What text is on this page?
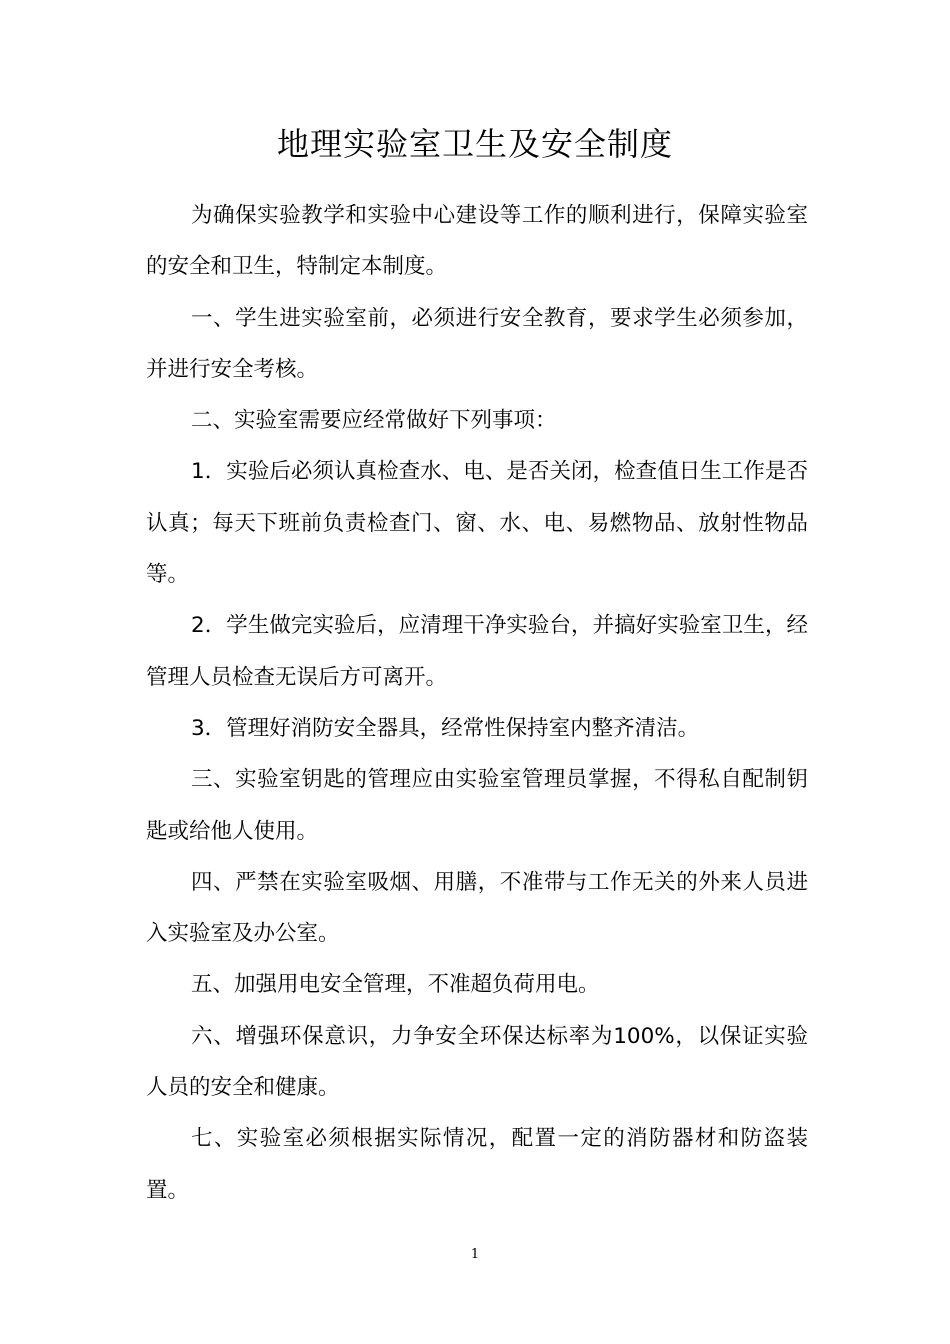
地理实验室卫生及安全制度

为确保实验教学和实验中心建设等工作的顺利进行，保障实验室的安全和卫生，特制定本制度。

一、学生进实验室前，必须进行安全教育，要求学生必须参加，并进行安全考核。

二、实验室需要应经常做好下列事项：

1．实验后必须认真检查水、电、是否关闭，检查值日生工作是否认真；每天下班前负责检查门、窗、水、电、易燃物品、放射性物品等。

2．学生做完实验后，应清理干净实验台，并搞好实验室卫生，经管理人员检查无误后方可离开。

3．管理好消防安全器具，经常性保持室内整齐清洁。

三、实验室钥匙的管理应由实验室管理员掌握，不得私自配制钥匙或给他人使用。

四、严禁在实验室吸烟、用膳，不准带与工作无关的外来人员进入实验室及办公室。

五、加强用电安全管理，不准超负荷用电。

六、增强环保意识，力争安全环保达标率为100%，以保证实验人员的安全和健康。

七、实验室必须根据实际情况，配置一定的消防器材和防盗装置。

1
